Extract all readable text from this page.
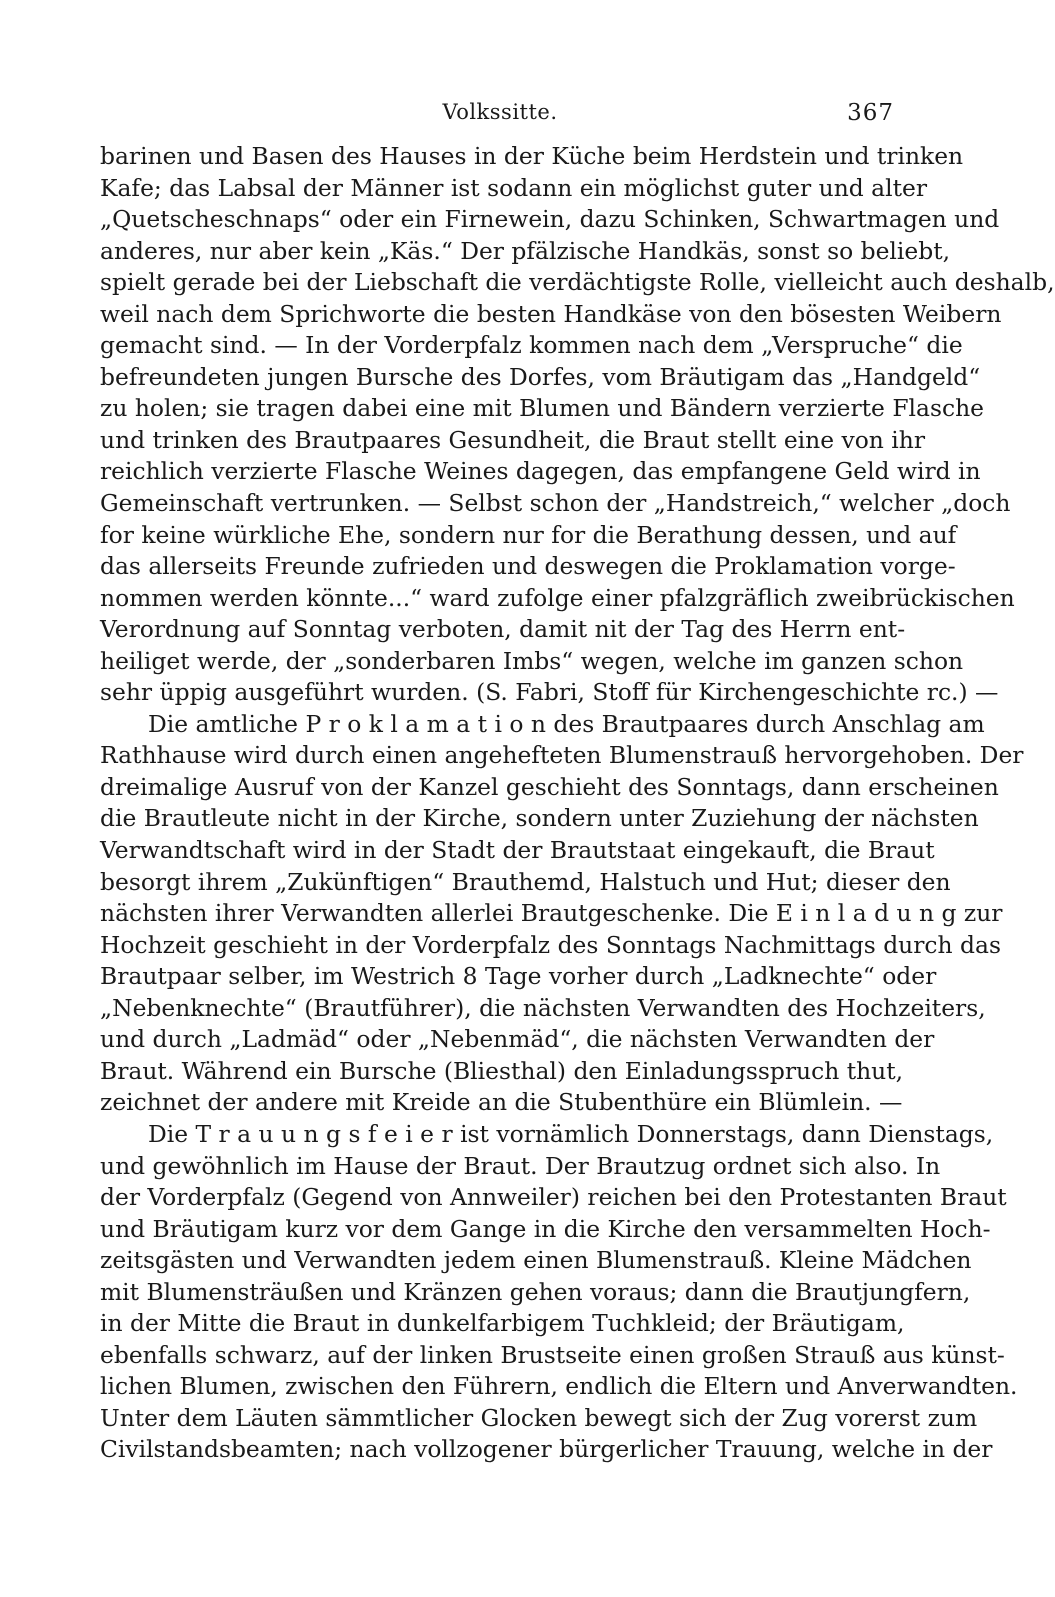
Volkssitte.	367
barinen und Basen des Hauses in der Küche beim Herdstein und trinken
Kafe; das Labsal der Männer ist sodann ein möglichst guter und alter
„Quetscheschnaps“ oder ein Firnewein, dazu Schinken, Schwartmagen und
anderes, nur aber kein „Käs.“ Der pfälzische Handkäs, sonst so beliebt,
spielt gerade bei der Liebschaft die verdächtigste Rolle, vielleicht auch deshalb,
weil nach dem Sprichworte die besten Handkäse von den bösesten Weibern
gemacht sind. — In der Vorderpfalz kommen nach dem „Verspruche“ die
befreundeten jungen Bursche des Dorfes, vom Bräutigam das „Handgeld“
zu holen; sie tragen dabei eine mit Blumen und Bändern verzierte Flasche
und trinken des Brautpaares Gesundheit, die Braut stellt eine von ihr
reichlich verzierte Flasche Weines dagegen, das empfangene Geld wird in
Gemeinschaft vertrunken. — Selbst schon der „Handstreich,“ welcher „doch
for keine würkliche Ehe, sondern nur for die Berathung dessen, und auf
das allerseits Freunde zufrieden und deswegen die Proklamation vorge-
nommen werden könnte...“ ward zufolge einer pfalzgräflich zweibrückischen
Verordnung auf Sonntag verboten, damit nit der Tag des Herrn ent-
heiliget werde, der „sonderbaren Imbs“ wegen, welche im ganzen schon
sehr üppig ausgeführt wurden. (S. Fabri, Stoff für Kirchengeschichte rc.) —
Die amtliche P r o k l a m a t i o n des Brautpaares durch Anschlag am
Rathhause wird durch einen angehefteten Blumenstrauß hervorgehoben. Der
dreimalige Ausruf von der Kanzel geschieht des Sonntags, dann erscheinen
die Brautleute nicht in der Kirche, sondern unter Zuziehung der nächsten
Verwandtschaft wird in der Stadt der Brautstaat eingekauft, die Braut
besorgt ihrem „Zukünftigen“ Brauthemd, Halstuch und Hut; dieser den
nächsten ihrer Verwandten allerlei Brautgeschenke. Die E i n l a d u n g zur
Hochzeit geschieht in der Vorderpfalz des Sonntags Nachmittags durch das
Brautpaar selber, im Westrich 8 Tage vorher durch „Ladknechte“ oder
„Nebenknechte“ (Brautführer), die nächsten Verwandten des Hochzeiters,
und durch „Ladmäd“ oder „Nebenmäd“, die nächsten Verwandten der
Braut. Während ein Bursche (Bliesthal) den Einladungsspruch thut,
zeichnet der andere mit Kreide an die Stubenthüre ein Blümlein. —
Die T r a u u n g s f e i e r ist vornämlich Donnerstags, dann Dienstags,
und gewöhnlich im Hause der Braut. Der Brautzug ordnet sich also. In
der Vorderpfalz (Gegend von Annweiler) reichen bei den Protestanten Braut
und Bräutigam kurz vor dem Gange in die Kirche den versammelten Hoch-
zeitsgästen und Verwandten jedem einen Blumenstrauß. Kleine Mädchen
mit Blumensträußen und Kränzen gehen voraus; dann die Brautjungfern,
in der Mitte die Braut in dunkelfarbigem Tuchkleid; der Bräutigam,
ebenfalls schwarz, auf der linken Brustseite einen großen Strauß aus künst-
lichen Blumen, zwischen den Führern, endlich die Eltern und Anverwandten.
Unter dem Läuten sämmtlicher Glocken bewegt sich der Zug vorerst zum
Civilstandsbeamten; nach vollzogener bürgerlicher Trauung, welche in der
